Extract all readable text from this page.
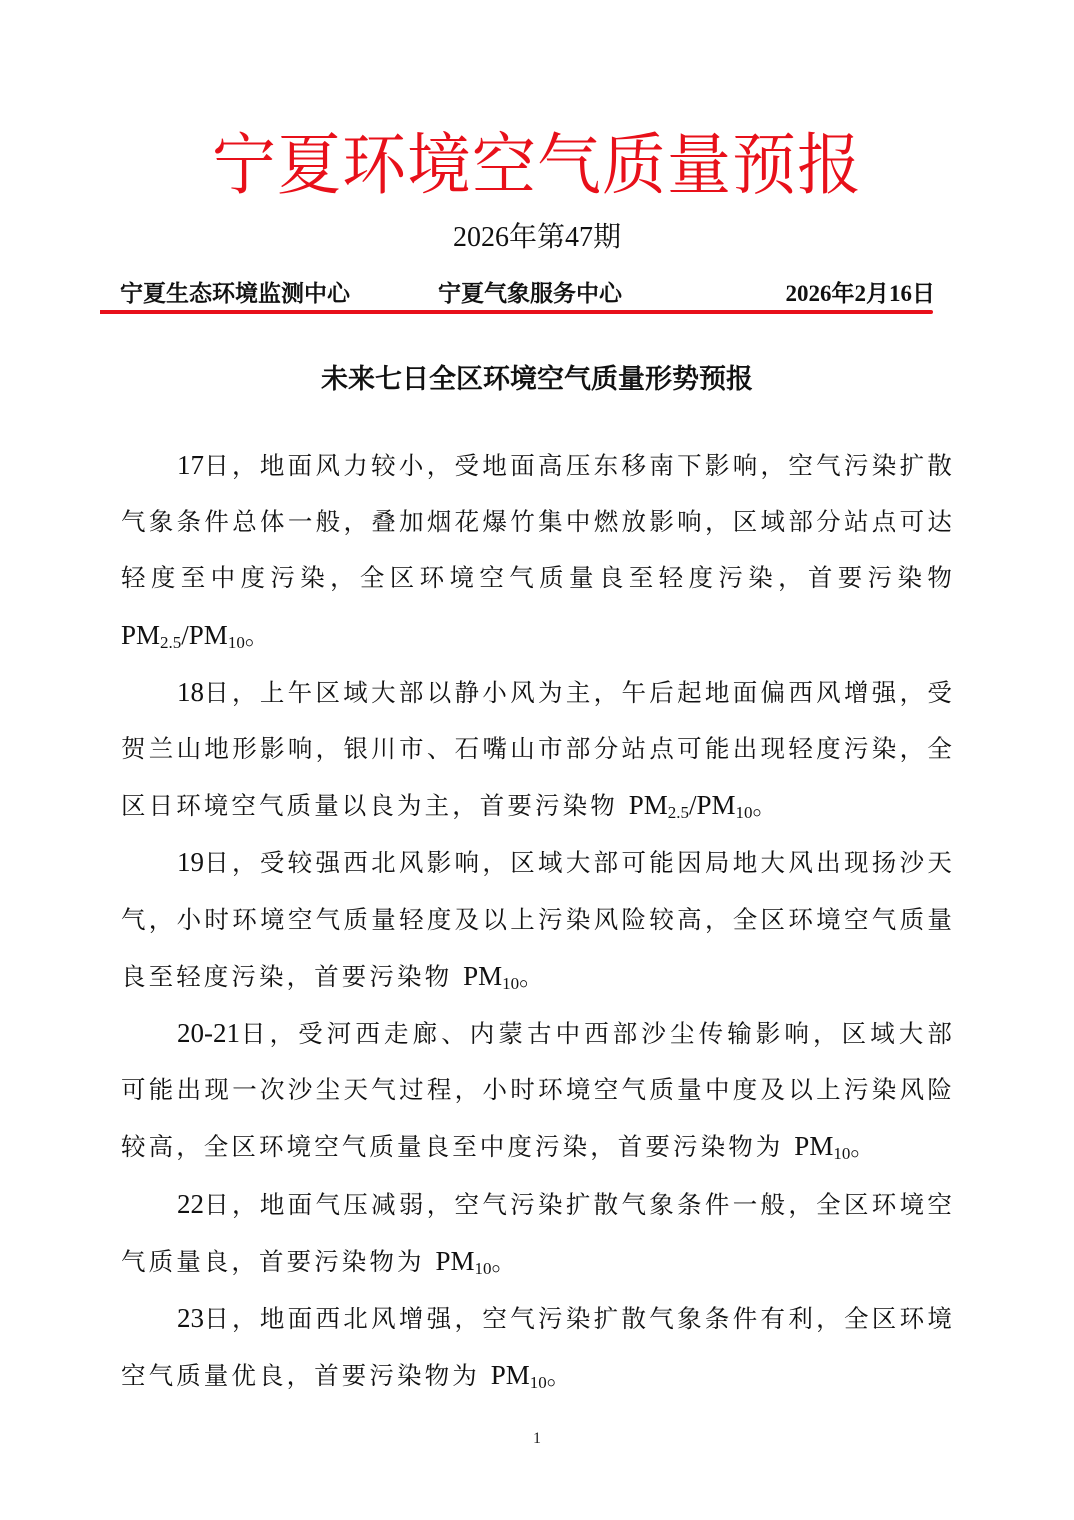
宁夏环境空气质量预报
2026年第47期
宁夏生态环境监测中心	宁夏气象服务中心	2026年2月16日
未来七日全区环境空气质量形势预报

17日，地面风力较小，受地面高压东移南下影响，空气污染扩散气象条件总体一般，叠加烟花爆竹集中燃放影响，区域部分站点可达轻度至中度污染，全区环境空气质量良至轻度污染，首要污染物 $PM_{2.5}/PM_{10}$。

18日，上午区域大部以静小风为主，午后起地面偏西风增强，受贺兰山地形影响，银川市、石嘴山市部分站点可能出现轻度污染，全区日环境空气质量以良为主，首要污染物 $PM_{2.5}/PM_{10}$。

19日，受较强西北风影响，区域大部可能因局地大风出现扬沙天气，小时环境空气质量轻度及以上污染风险较高，全区环境空气质量良至轻度污染，首要污染物 $PM_{10}$。

20-21日，受河西走廊、内蒙古中西部沙尘传输影响，区域大部可能出现一次沙尘天气过程，小时环境空气质量中度及以上污染风险较高，全区环境空气质量良至中度污染，首要污染物为 $PM_{10}$。

22日，地面气压减弱，空气污染扩散气象条件一般，全区环境空气质量良，首要污染物为 $PM_{10}$。

23日，地面西北风增强，空气污染扩散气象条件有利，全区环境空气质量优良，首要污染物为 $PM_{10}$。

1
